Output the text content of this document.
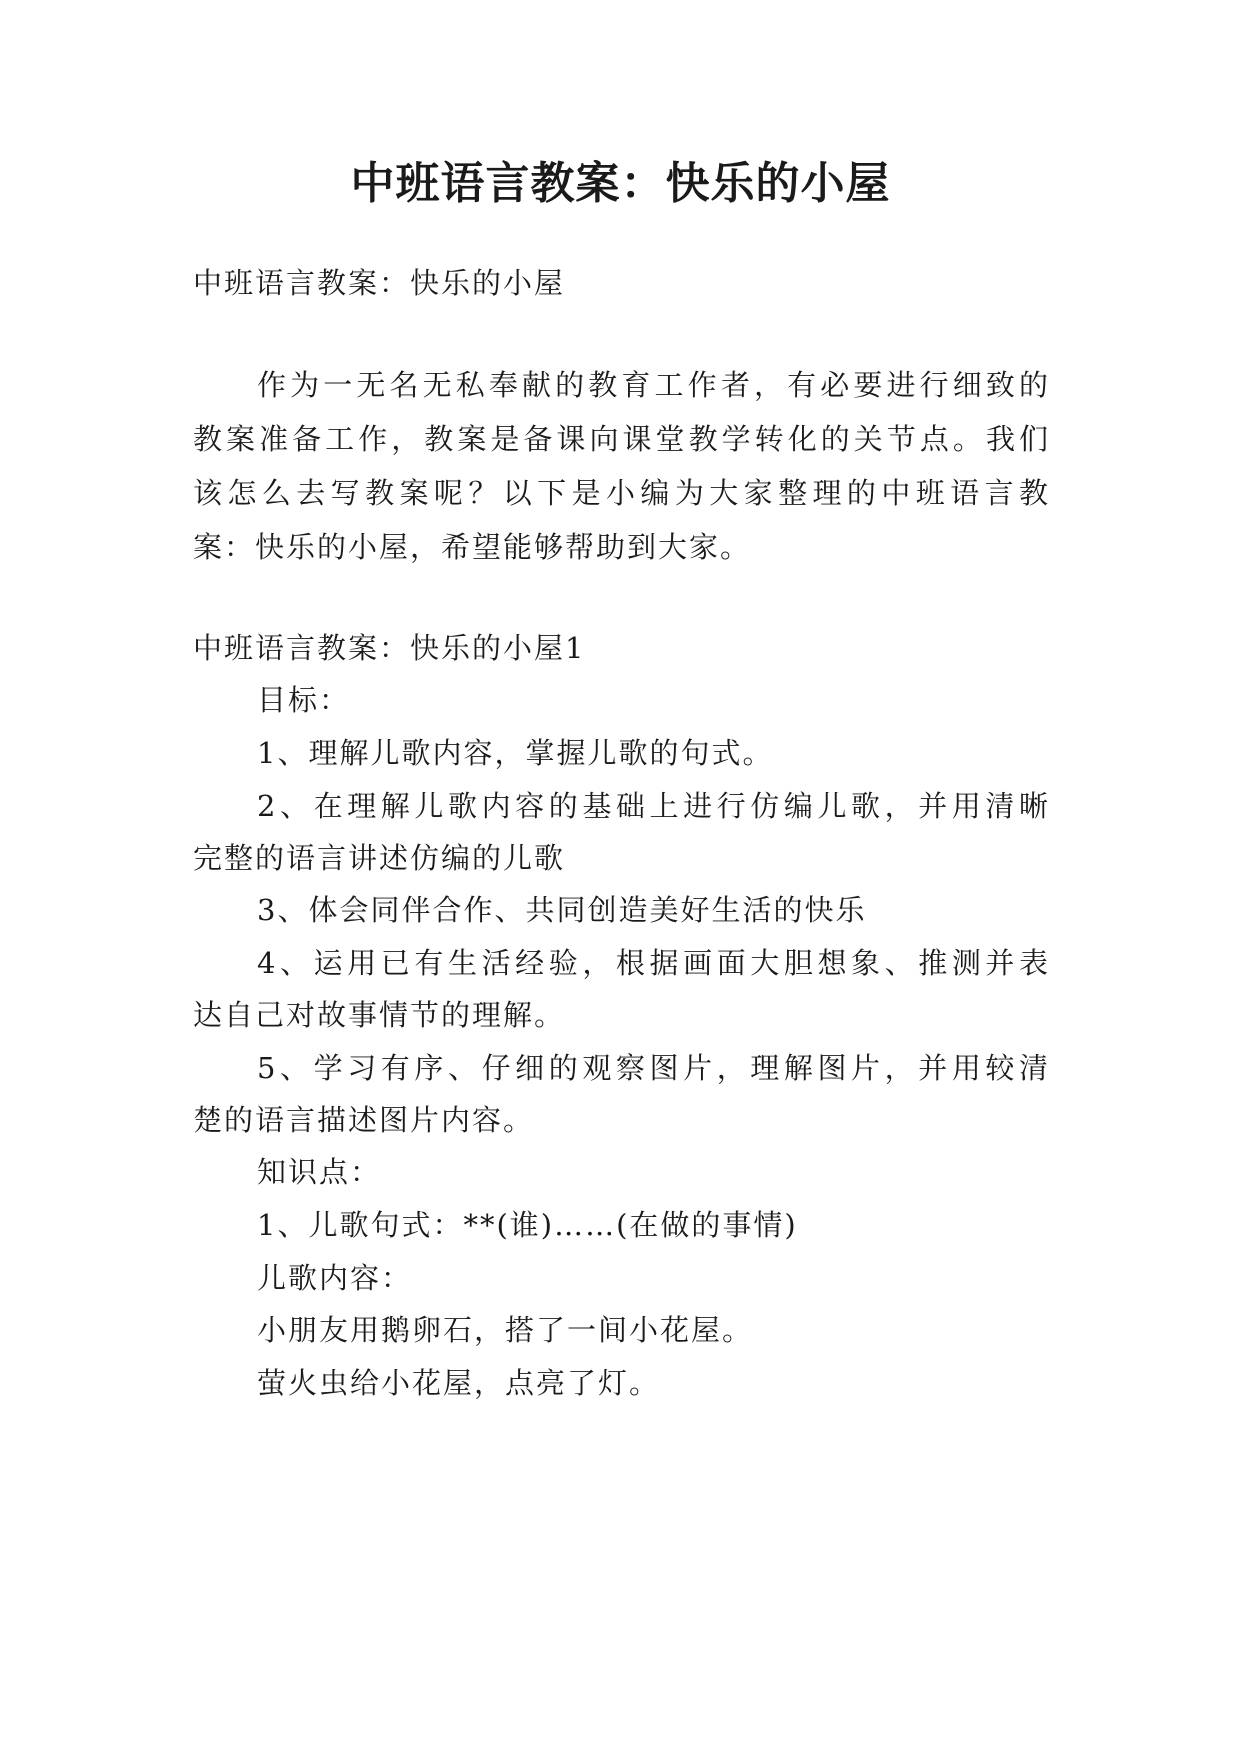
中班语言教案：快乐的小屋
中班语言教案：快乐的小屋
作为一无名无私奉献的教育工作者，有必要进行细致的
教案准备工作，教案是备课向课堂教学转化的关节点。我们
该怎么去写教案呢？以下是小编为大家整理的中班语言教
案：快乐的小屋，希望能够帮助到大家。
中班语言教案：快乐的小屋1
目标：
1、理解儿歌内容，掌握儿歌的句式。
2、在理解儿歌内容的基础上进行仿编儿歌，并用清晰
完整的语言讲述仿编的儿歌
3、体会同伴合作、共同创造美好生活的快乐
4、运用已有生活经验，根据画面大胆想象、推测并表
达自己对故事情节的理解。
5、学习有序、仔细的观察图片，理解图片，并用较清
楚的语言描述图片内容。
知识点：
1、儿歌句式：**(谁)……(在做的事情)
儿歌内容：
小朋友用鹅卵石，搭了一间小花屋。
萤火虫给小花屋，点亮了灯。
